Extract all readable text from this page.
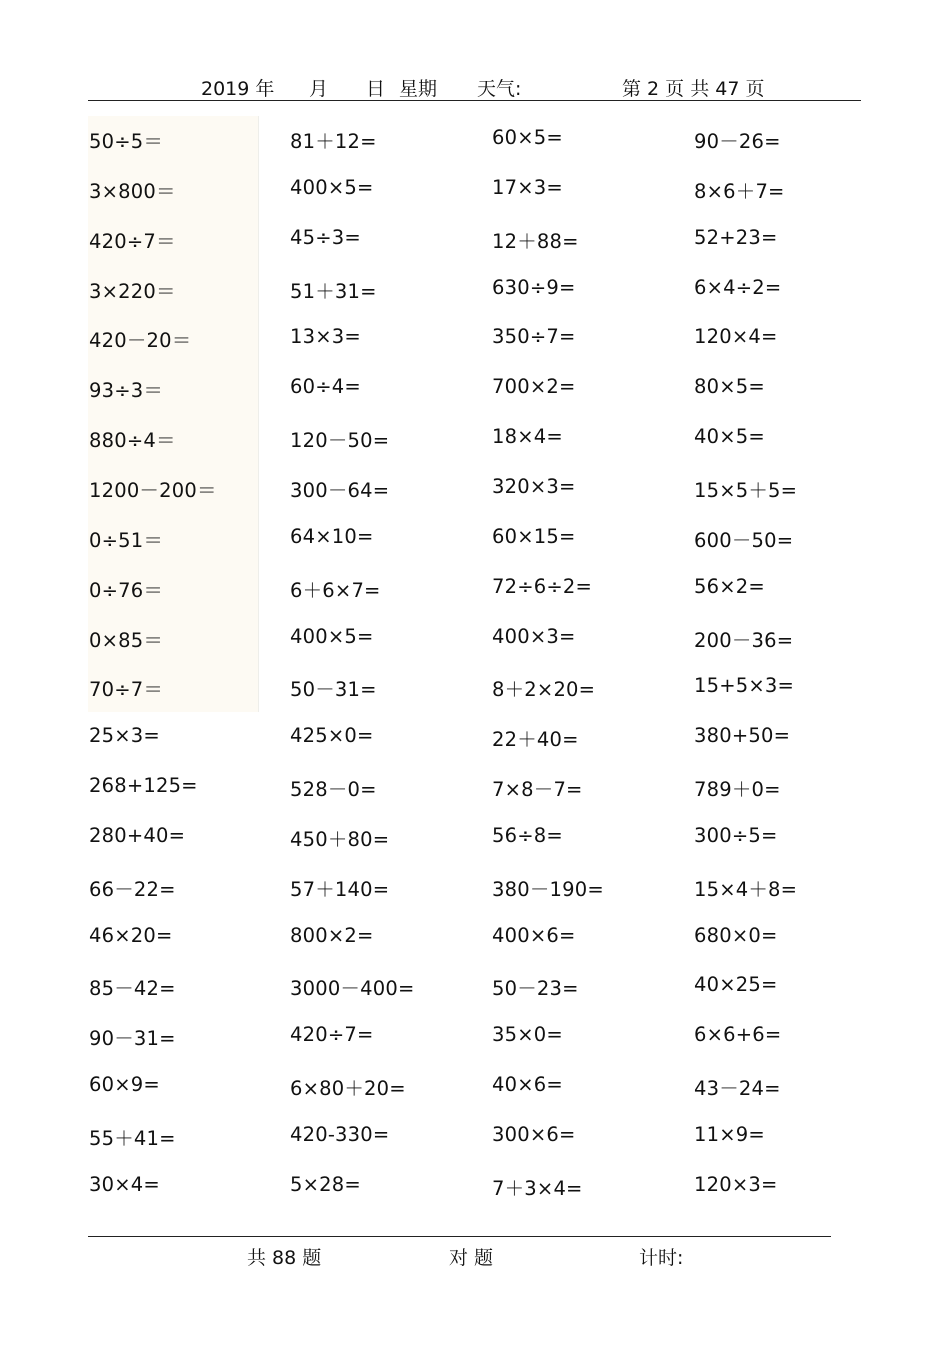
2019 年 月 日 星期 天气:	第 2 页 共 47 页
50÷5＝	81＋12=	60×5=	90－26=
3×800＝	400×5=	17×3=	8×6＋7=
420÷7＝	45÷3=	12＋88=	52+23=
3×220＝	51＋31=	630÷9=	6×4÷2=
420－20＝	13×3=	350÷7=	120×4=
93÷3＝	60÷4=	700×2=	80×5=
880÷4＝	120－50=	18×4=	40×5=
1200－200＝	300－64=	320×3=	15×5＋5=
0÷51＝	64×10=	60×15=	600－50=
0÷76＝	6＋6×7=	72÷6÷2=	56×2=
0×85＝	400×5=	400×3=	200－36=
70÷7＝	50－31=	8＋2×20=	15+5×3=
25×3=	425×0=	22＋40=	380+50=
268+125=	528－0=	7×8－7=	789＋0=
280+40=	450＋80=	56÷8=	300÷5=
66－22=	57＋140=	380－190=	15×4＋8=
46×20=	800×2=	400×6=	680×0=
85－42=	3000－400=	50－23=	40×25=
90－31=	420÷7=	35×0=	6×6+6=
60×9=	6×80＋20=	40×6=	43－24=
55＋41=	420-330=	300×6=	11×9=
30×4=	5×28=	7＋3×4=	120×3=
共 88 题	对 题	计时:
